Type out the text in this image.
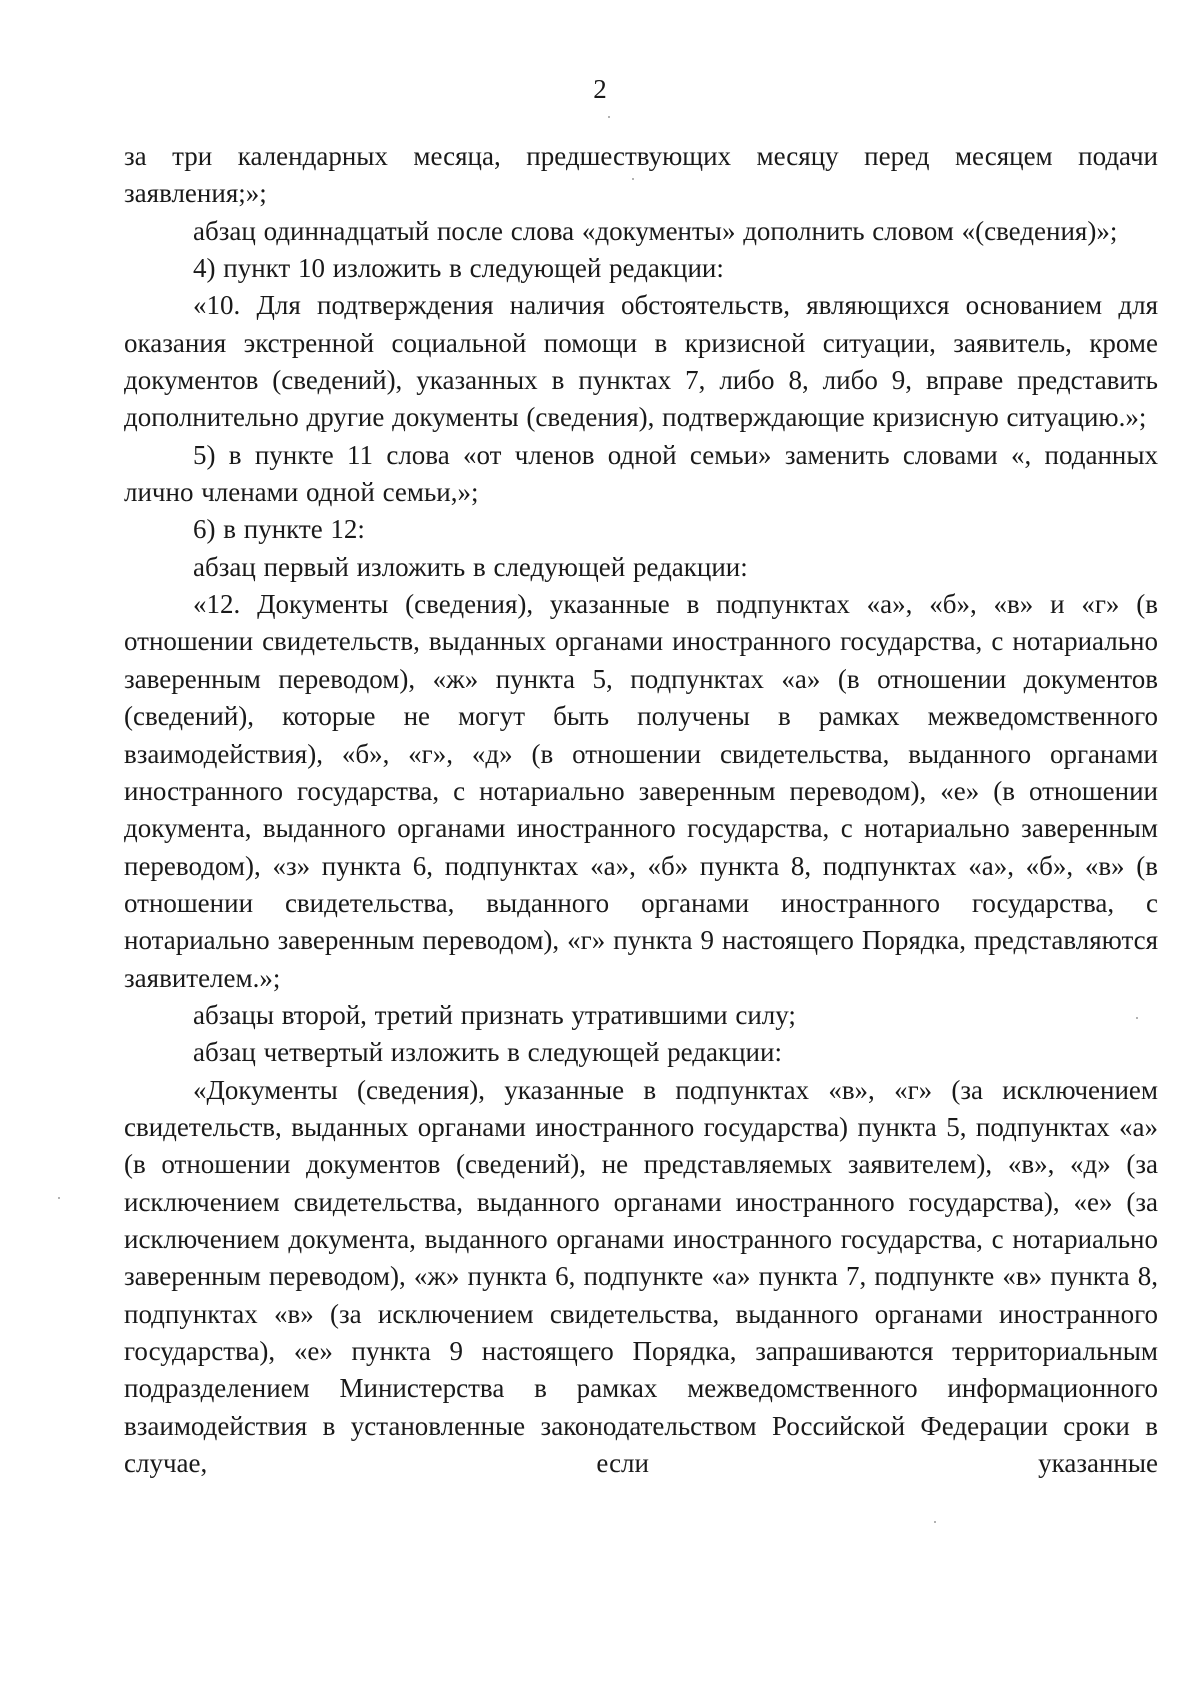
2

за три календарных месяца, предшествующих месяцу перед месяцем подачи заявления;»;

абзац одиннадцатый после слова «документы» дополнить словом «(сведения)»;

4) пункт 10 изложить в следующей редакции:

«10. Для подтверждения наличия обстоятельств, являющихся основанием для оказания экстренной социальной помощи в кризисной ситуации, заявитель, кроме документов (сведений), указанных в пунктах 7, либо 8, либо 9, вправе представить дополнительно другие документы (сведения), подтверждающие кризисную ситуацию.»;

5) в пункте 11 слова «от членов одной семьи» заменить словами «, поданных лично членами одной семьи,»;

6) в пункте 12:

абзац первый изложить в следующей редакции:

«12. Документы (сведения), указанные в подпунктах «а», «б», «в» и «г» (в отношении свидетельств, выданных органами иностранного государства, с нотариально заверенным переводом), «ж» пункта 5, подпунктах «а» (в отношении документов (сведений), которые не могут быть получены в рамках межведомственного взаимодействия), «б», «г», «д» (в отношении свидетельства, выданного органами иностранного государства, с нотариально заверенным переводом), «е» (в отношении документа, выданного органами иностранного государства, с нотариально заверенным переводом), «з» пункта 6, подпунктах «а», «б» пункта 8, подпунктах «а», «б», «в» (в отношении свидетельства, выданного органами иностранного государства, с нотариально заверенным переводом), «г» пункта 9 настоящего Порядка, представляются заявителем.»;

абзацы второй, третий признать утратившими силу;

абзац четвертый изложить в следующей редакции:

«Документы (сведения), указанные в подпунктах «в», «г» (за исключением свидетельств, выданных органами иностранного государства) пункта 5, подпунктах «а» (в отношении документов (сведений), не представляемых заявителем), «в», «д» (за исключением свидетельства, выданного органами иностранного государства), «е» (за исключением документа, выданного органами иностранного государства, с нотариально заверенным переводом), «ж» пункта 6, подпункте «а» пункта 7, подпункте «в» пункта 8, подпунктах «в» (за исключением свидетельства, выданного органами иностранного государства), «е» пункта 9 настоящего Порядка, запрашиваются территориальным подразделением Министерства в рамках межведомственного информационного взаимодействия в установленные законодательством Российской Федерации сроки в случае, если указанные
